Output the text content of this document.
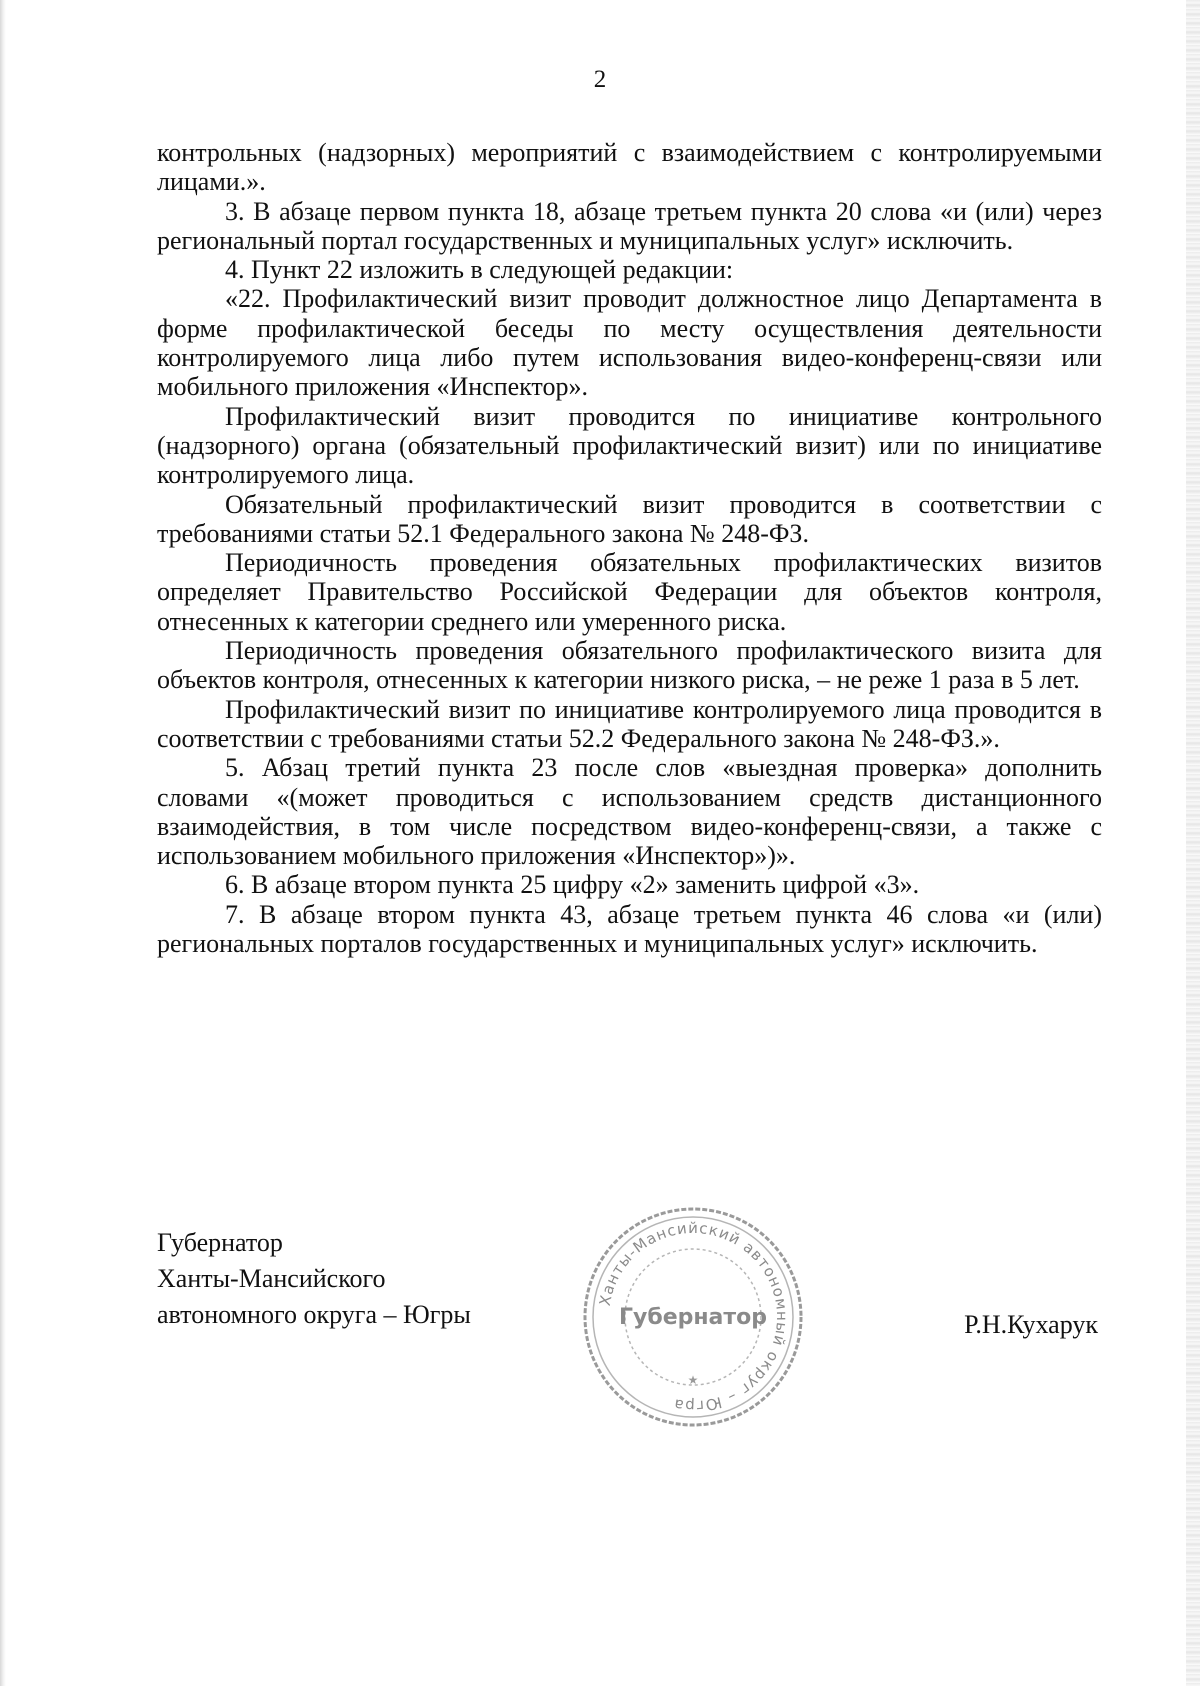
2

контрольных (надзорных) мероприятий с взаимодействием с контролируемыми лицами.».

3. В абзаце первом пункта 18, абзаце третьем пункта 20 слова «и (или) через региональный портал государственных и муниципальных услуг» исключить.

4. Пункт 22 изложить в следующей редакции:

«22. Профилактический визит проводит должностное лицо Департамента в форме профилактической беседы по месту осуществления деятельности контролируемого лица либо путем использования видео-конференц-связи или мобильного приложения «Инспектор».

Профилактический визит проводится по инициативе контрольного (надзорного) органа (обязательный профилактический визит) или по инициативе контролируемого лица.

Обязательный профилактический визит проводится в соответствии с требованиями статьи 52.1 Федерального закона № 248-ФЗ.

Периодичность проведения обязательных профилактических визитов определяет Правительство Российской Федерации для объектов контроля, отнесенных к категории среднего или умеренного риска.

Периодичность проведения обязательного профилактического визита для объектов контроля, отнесенных к категории низкого риска, – не реже 1 раза в 5 лет.

Профилактический визит по инициативе контролируемого лица проводится в соответствии с требованиями статьи 52.2 Федерального закона № 248-ФЗ.».

5. Абзац третий пункта 23 после слов «выездная проверка» дополнить словами «(может проводиться с использованием средств дистанционного взаимодействия, в том числе посредством видео-конференц-связи, а также с использованием мобильного приложения «Инспектор»)».

6. В абзаце втором пункта 25 цифру «2» заменить цифрой «3».

7. В абзаце втором пункта 43, абзаце третьем пункта 46 слова «и (или) региональных порталов государственных и муниципальных услуг» исключить.

Губернатор
Ханты-Мансийского
автономного округа – Югры
Ханты-Мансийский автономный округ – Югра
Губернатор
★
Р.Н.Кухарук
